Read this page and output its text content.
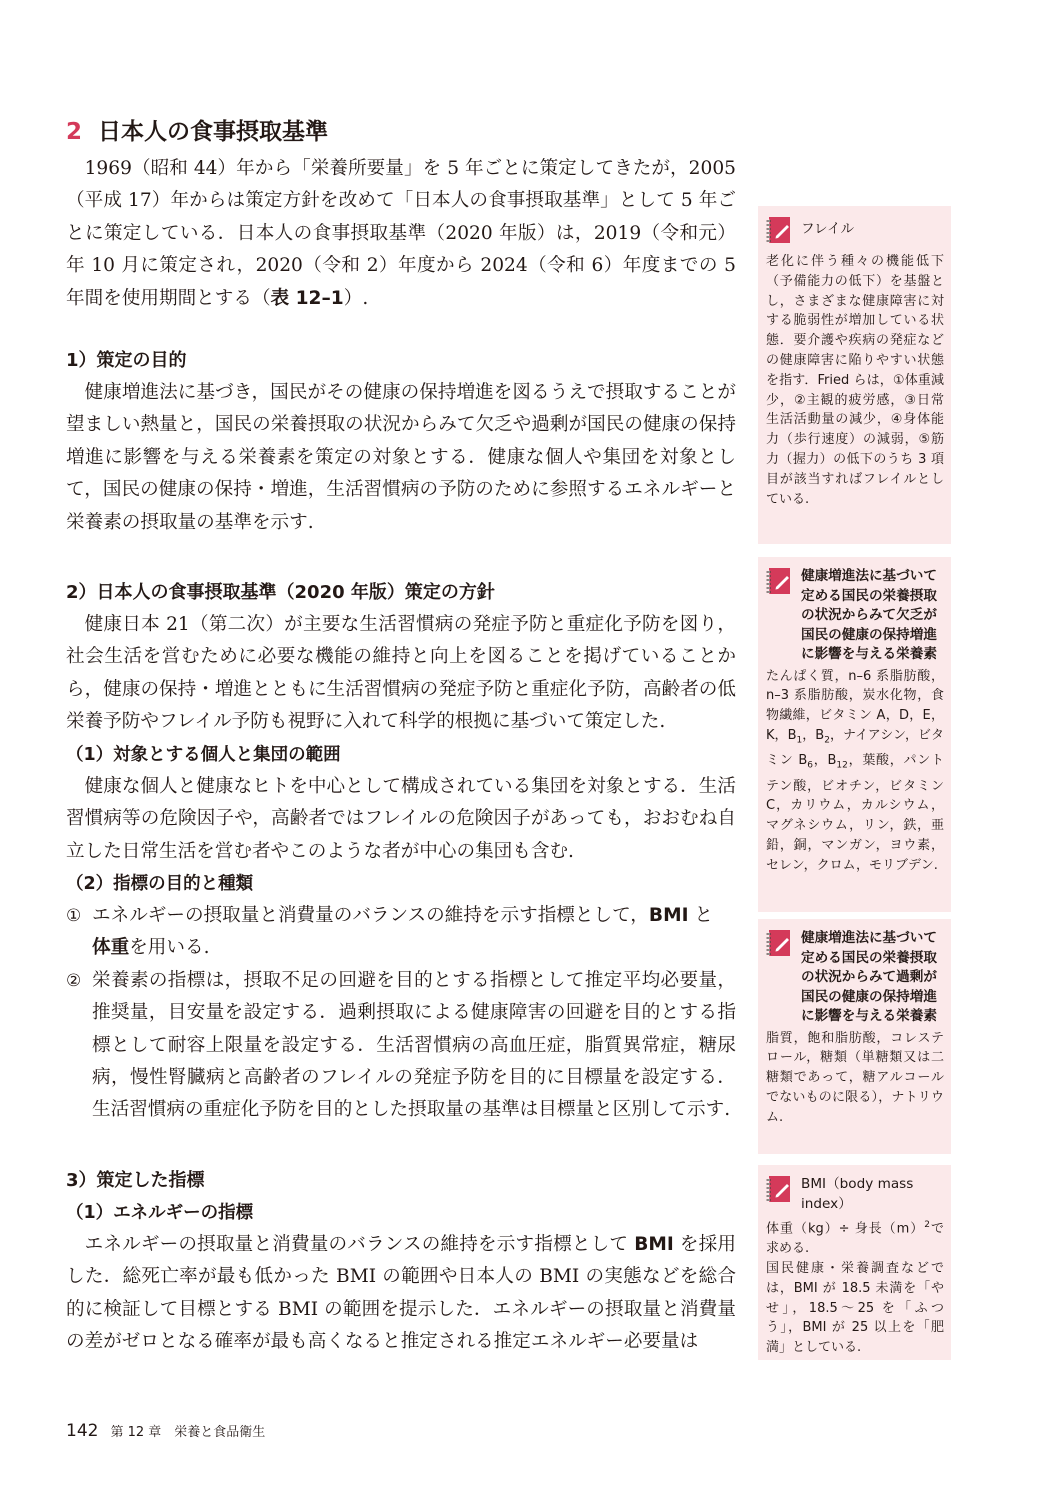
2 日本人の食事摂取基準

1969（昭和 44）年から「栄養所要量」を 5 年ごとに策定してきたが，2005（平成 17）年からは策定方針を改めて「日本人の食事摂取基準」として 5 年ごとに策定している．日本人の食事摂取基準（2020 年版）は，2019（令和元）年 10 月に策定され，2020（令和 2）年度から 2024（令和 6）年度までの 5 年間を使用期間とする（表 12–1）.

1）策定の目的

健康増進法に基づき，国民がその健康の保持増進を図るうえで摂取することが望ましい熱量と，国民の栄養摂取の状況からみて欠乏や過剰が国民の健康の保持増進に影響を与える栄養素を策定の対象とする．健康な個人や集団を対象として，国民の健康の保持・増進，生活習慣病の予防のために参照するエネルギーと栄養素の摂取量の基準を示す.

2）日本人の食事摂取基準（2020 年版）策定の方針

健康日本 21（第二次）が主要な生活習慣病の発症予防と重症化予防を図り，社会生活を営むために必要な機能の維持と向上を図ることを掲げていることから，健康の保持・増進とともに生活習慣病の発症予防と重症化予防，高齢者の低栄養予防やフレイル予防も視野に入れて科学的根拠に基づいて策定した.

（1）対象とする個人と集団の範囲

健康な個人と健康なヒトを中心として構成されている集団を対象とする．生活習慣病等の危険因子や，高齢者ではフレイルの危険因子があっても，おおむね自立した日常生活を営む者やこのような者が中心の集団も含む.

（2）指標の目的と種類
① エネルギーの摂取量と消費量のバランスの維持を示す指標として，BMI と
体重を用いる.
② 栄養素の指標は，摂取不足の回避を目的とする指標として推定平均必要量，推奨量，目安量を設定する．過剰摂取による健康障害の回避を目的とする指標として耐容上限量を設定する．生活習慣病の高血圧症，脂質異常症，糖尿病，慢性腎臓病と高齢者のフレイルの発症予防を目的に目標量を設定する．生活習慣病の重症化予防を目的とした摂取量の基準は目標量と区別して示す.
3）策定した指標
（1）エネルギーの指標

エネルギーの摂取量と消費量のバランスの維持を示す指標として BMI を採用した．総死亡率が最も低かった BMI の範囲や日本人の BMI の実態などを総合的に検証して目標とする BMI の範囲を提示した．エネルギーの摂取量と消費量の差がゼロとなる確率が最も高くなると推定される推定エネルギー必要量は

フレイル

老化に伴う種々の機能低下（予備能力の低下）を基盤とし，さまざまな健康障害に対する脆弱性が増加している状態．要介護や疾病の発症などの健康障害に陥りやすい状態を指す．Fried らは，①体重減少，②主観的疲労感，③日常生活活動量の減少，④身体能力（歩行速度）の減弱，⑤筋力（握力）の低下のうち 3 項目が該当すればフレイルとしている.

健康増進法に基づいて定める国民の栄養摂取の状況からみて欠乏が国民の健康の保持増進に影響を与える栄養素

たんぱく質，n–6 系脂肪酸，n–3 系脂肪酸，炭水化物，食物繊維，ビタミン A，D，E，K，$B_1$，$B_2$，ナイアシン，ビタミン $B_6$，$B_{12}$，葉酸，パントテン酸，ビオチン，ビタミン C，カリウム，カルシウム，マグネシウム，リン，鉄，亜鉛，銅，マンガン，ヨウ素，セレン，クロム，モリブデン.

健康増進法に基づいて定める国民の栄養摂取の状況からみて過剰が国民の健康の保持増進に影響を与える栄養素

脂質，飽和脂肪酸，コレステロール，糖類（単糖類又は二糖類であって，糖アルコールでないものに限る），ナトリウム.

BMI（body mass index）

体重（kg）÷ 身長$(m)^2$で求める.

国民健康・栄養調査などでは，BMI が 18.5 未満を「やせ」，18.5～25 を「ふつう」，BMI が 25 以上を「肥満」としている.

142 第 12 章　栄養と食品衛生
